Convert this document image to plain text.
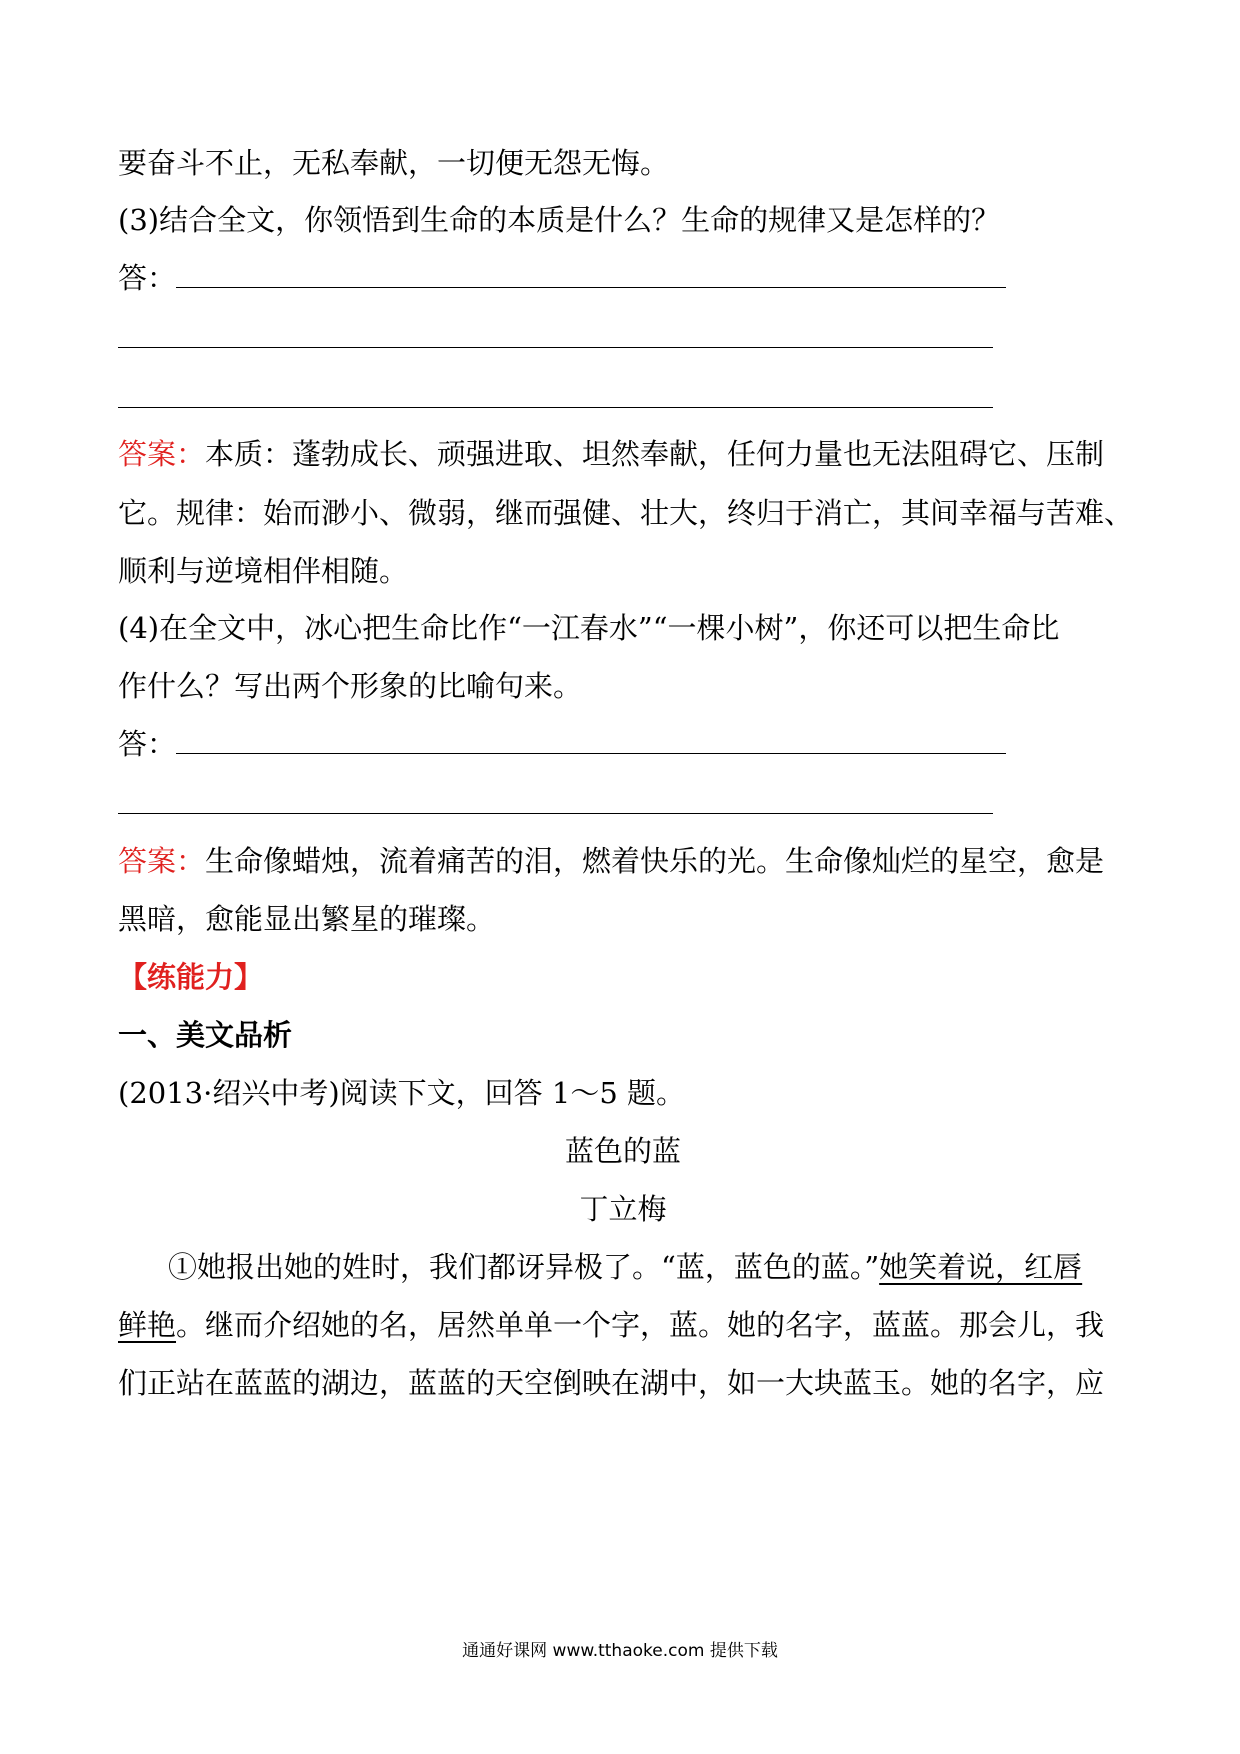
要奋斗不止，无私奉献，一切便无怨无悔。
(3)结合全文，你领悟到生命的本质是什么？生命的规律又是怎样的？
答：
答案：本质：蓬勃成长、顽强进取、坦然奉献，任何力量也无法阻碍它、压制
它。规律：始而渺小、微弱，继而强健、壮大，终归于消亡，其间幸福与苦难、
顺利与逆境相伴相随。
(4)在全文中，冰心把生命比作“一江春水”“一棵小树”，你还可以把生命比
作什么？写出两个形象的比喻句来。
答：
答案：生命像蜡烛，流着痛苦的泪，燃着快乐的光。生命像灿烂的星空，愈是
黑暗，愈能显出繁星的璀璨。
【练能力】
一、美文品析
(2013·绍兴中考)阅读下文，回答 1～5 题。
蓝色的蓝
丁立梅
①她报出她的姓时，我们都讶异极了。“蓝，蓝色的蓝。”她笑着说，红唇
鲜艳。继而介绍她的名，居然单单一个字，蓝。她的名字，蓝蓝。那会儿，我
们正站在蓝蓝的湖边，蓝蓝的天空倒映在湖中，如一大块蓝玉。她的名字，应
通通好课网 www.tthaoke.com 提供下载
